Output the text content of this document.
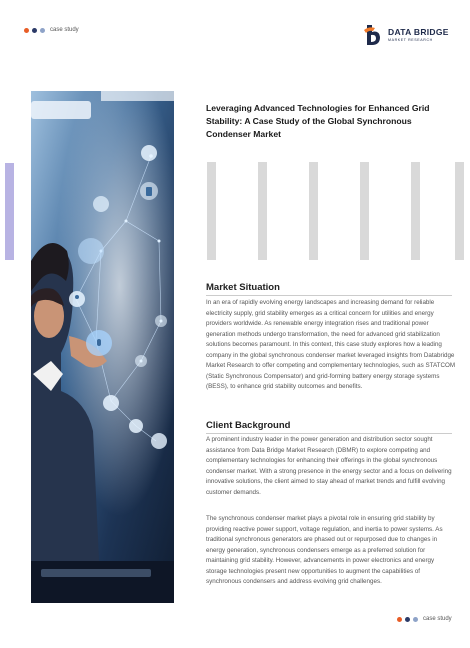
case study	DATA BRIDGE
MARKET RESEARCH
Leveraging Advanced Technologies for Enhanced Grid Stability: A Case Study of the Global Synchronous Condenser Market
Market Situation

In an era of rapidly evolving energy landscapes and increasing demand for reliable electricity supply, grid stability emerges as a critical concern for utilities and energy providers worldwide. As renewable energy integration rises and traditional power generation methods undergo transformation, the need for advanced grid stabilization solutions becomes paramount. In this context, this case study explores how a leading company in the global synchronous condenser market leveraged insights from Databridge Market Research to offer competing and complementary technologies, such as STATCOM (Static Synchronous Compensator) and grid-forming battery energy storage systems (BESS), to enhance grid stability outcomes and benefits.

Client Background

A prominent industry leader in the power generation and distribution sector sought assistance from Data Bridge Market Research (DBMR) to explore competing and complementary technologies for enhancing their offerings in the global synchronous condenser market. With a strong presence in the energy sector and a focus on delivering innovative solutions, the client aimed to stay ahead of market trends and fulfill evolving customer demands.

The synchronous condenser market plays a pivotal role in ensuring grid stability by providing reactive power support, voltage regulation, and inertia to power systems. As traditional synchronous generators are phased out or repurposed due to changes in energy generation, synchronous condensers emerge as a preferred solution for maintaining grid stability. However, advancements in power electronics and energy storage technologies present new opportunities to augment the capabilities of synchronous condensers and address evolving grid challenges.

case study
